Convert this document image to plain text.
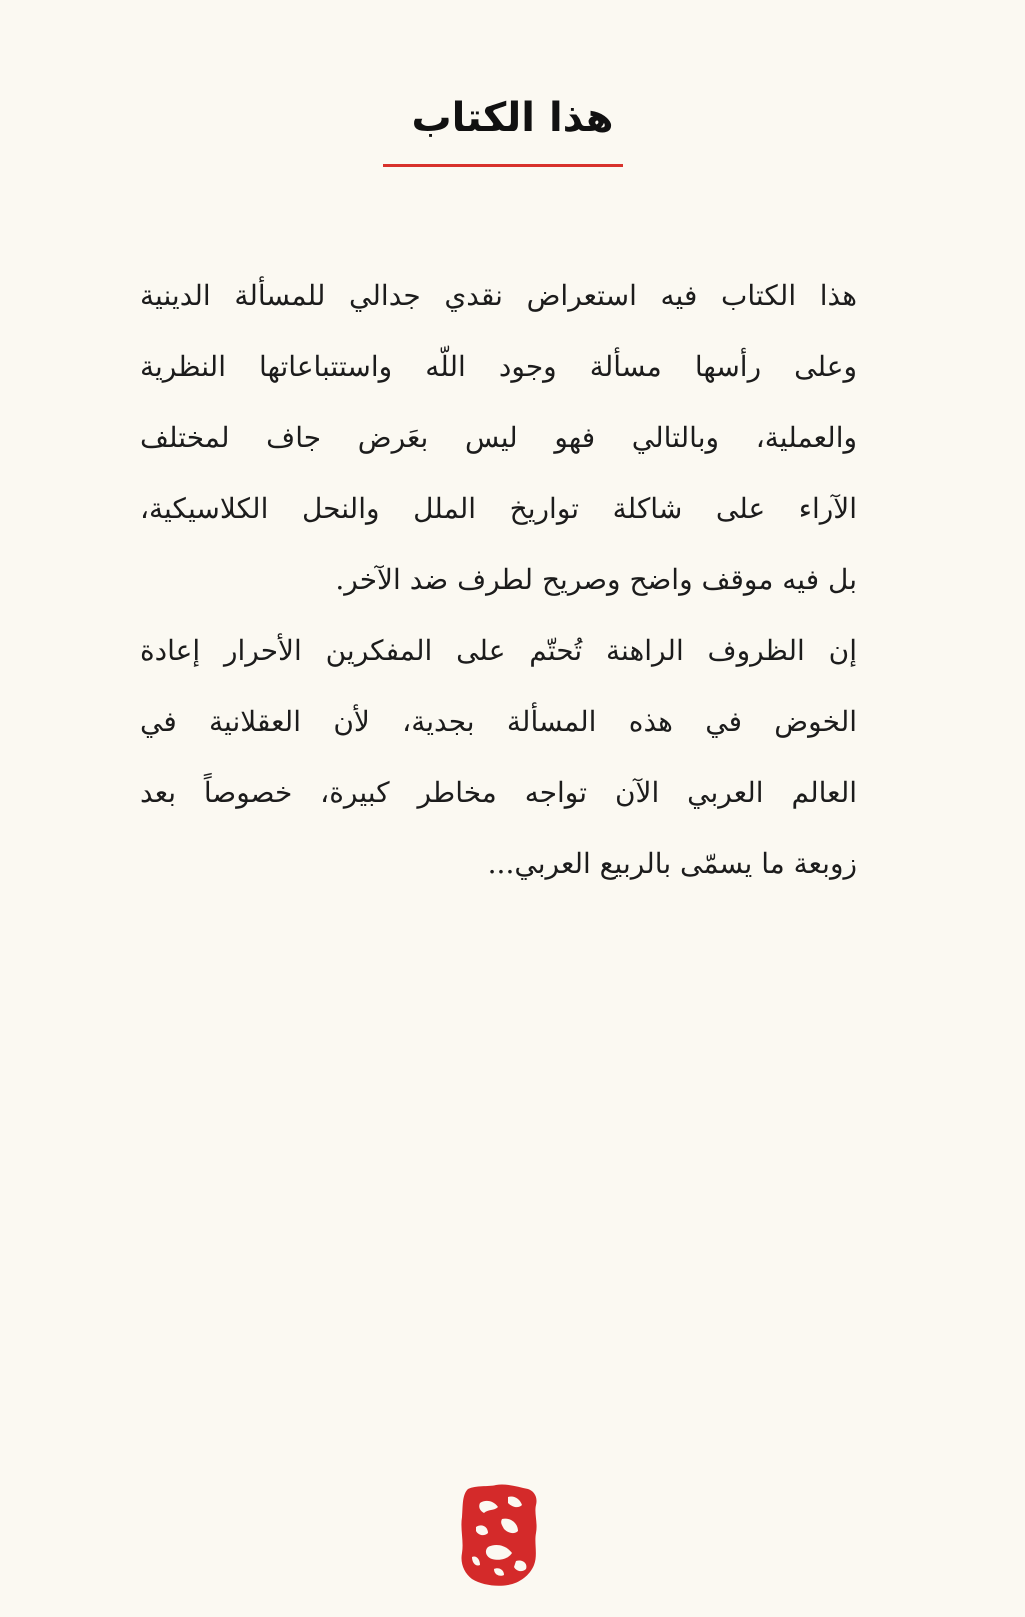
هذا الكتاب

هذا الكتاب فيه استعراض نقدي جدالي للمسألة الدينية
وعلى رأسها مسألة وجود اللّه واستتباعاتها النظرية
والعملية، وبالتالي فهو ليس بعَرض جاف لمختلف
الآراء على شاكلة تواريخ الملل والنحل الكلاسيكية،
بل فيه موقف واضح وصريح لطرف ضد الآخر.

إن الظروف الراهنة تُحتّم على المفكرين الأحرار إعادة
الخوض في هذه المسألة بجدية، لأن العقلانية في
العالم العربي الآن تواجه مخاطر كبيرة، خصوصاً بعد
زوبعة ما يسمّى بالربيع العربي...
